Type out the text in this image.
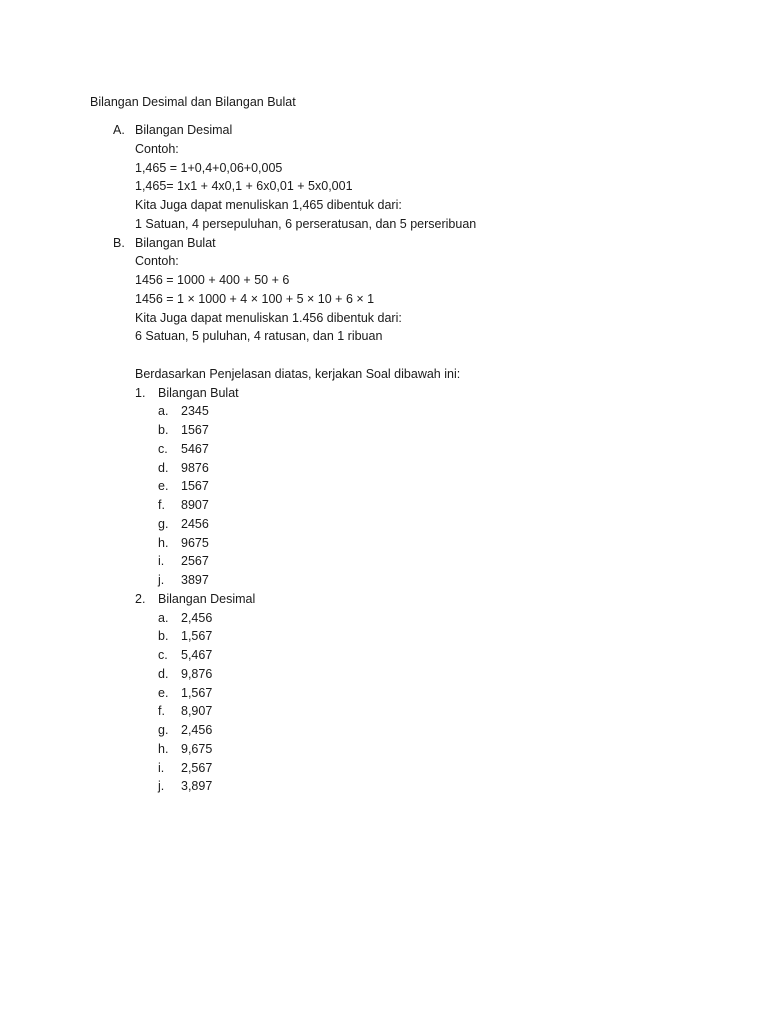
Bilangan Desimal dan Bilangan Bulat
A. Bilangan Desimal
Contoh:
1,465 = 1+0,4+0,06+0,005
1,465= 1x1 + 4x0,1 + 6x0,01 + 5x0,001
Kita Juga dapat menuliskan 1,465 dibentuk dari:
1 Satuan, 4 persepuluhan, 6 perseratusan, dan 5 perseribuan
B. Bilangan Bulat
Contoh:
1456 = 1000 + 400 + 50 + 6
1456 = 1 × 1000 + 4 × 100 + 5 × 10 + 6 × 1
Kita Juga dapat menuliskan 1.456 dibentuk dari:
6 Satuan, 5 puluhan, 4 ratusan, dan 1 ribuan
Berdasarkan Penjelasan diatas, kerjakan Soal dibawah ini:
1. Bilangan Bulat
a. 2345
b. 1567
c. 5467
d. 9876
e. 1567
f. 8907
g. 2456
h. 9675
i. 2567
j. 3897
2. Bilangan Desimal
a. 2,456
b. 1,567
c. 5,467
d. 9,876
e. 1,567
f. 8,907
g. 2,456
h. 9,675
i. 2,567
j. 3,897
